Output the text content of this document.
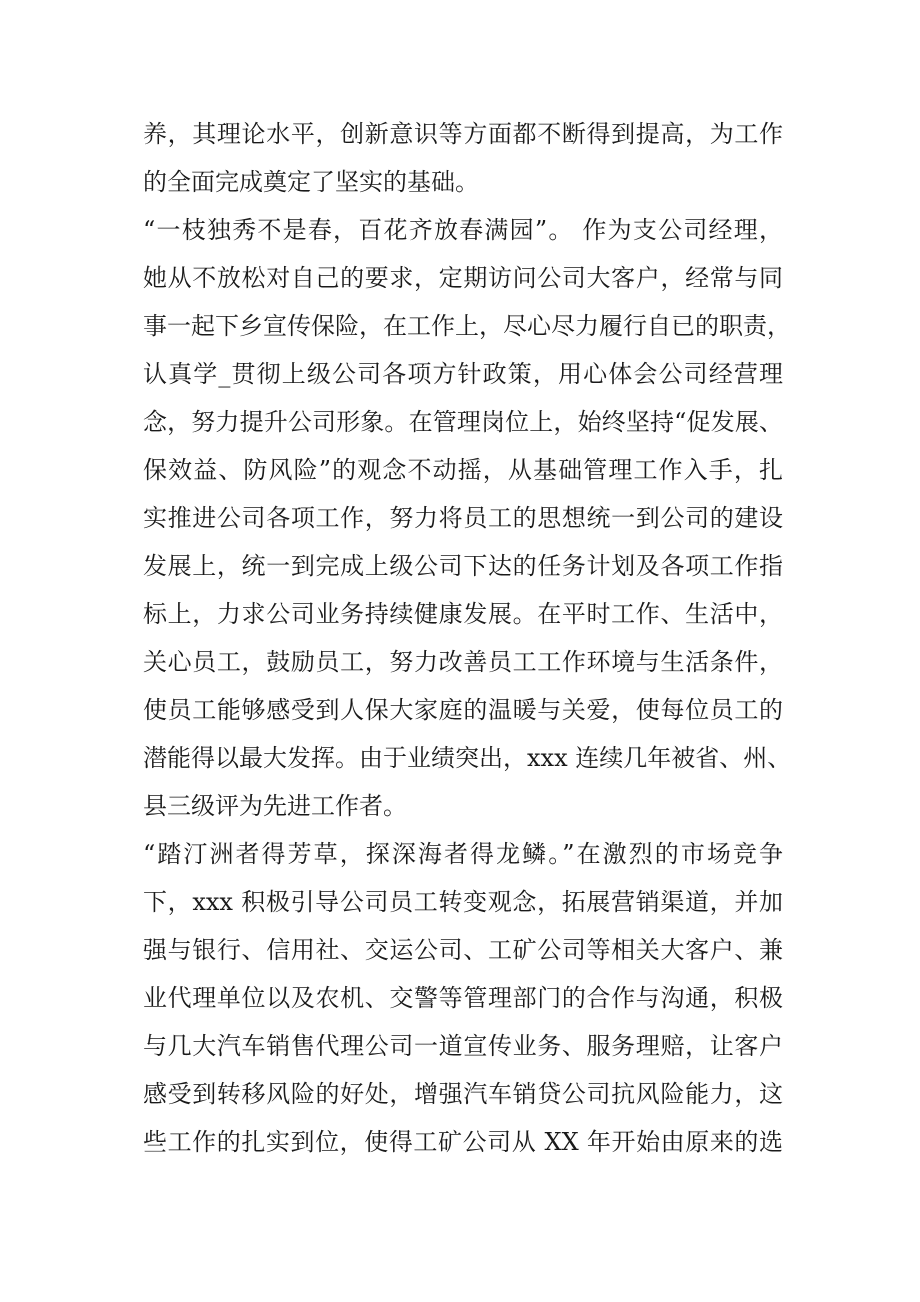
养，其理论水平，创新意识等方面都不断得到提高，为工作
的全面完成奠定了坚实的基础。
“一枝独秀不是春，百花齐放春满园”。 作为支公司经理，
她从不放松对自己的要求，定期访问公司大客户，经常与同
事一起下乡宣传保险，在工作上，尽心尽力履行自已的职责，
认真学_贯彻上级公司各项方针政策，用心体会公司经营理
念，努力提升公司形象。在管理岗位上，始终坚持“促发展、
保效益、防风险”的观念不动摇，从基础管理工作入手，扎
实推进公司各项工作，努力将员工的思想统一到公司的建设
发展上，统一到完成上级公司下达的任务计划及各项工作指
标上，力求公司业务持续健康发展。在平时工作、生活中，
关心员工，鼓励员工，努力改善员工工作环境与生活条件，
使员工能够感受到人保大家庭的温暖与关爱，使每位员工的
潜能得以最大发挥。由于业绩突出，xxx 连续几年被省、州、
县三级评为先进工作者。
“踏汀洲者得芳草，探深海者得龙鳞。”在激烈的市场竞争
下，xxx 积极引导公司员工转变观念，拓展营销渠道，并加
强与银行、信用社、交运公司、工矿公司等相关大客户、兼
业代理单位以及农机、交警等管理部门的合作与沟通，积极
与几大汽车销售代理公司一道宣传业务、服务理赔，让客户
感受到转移风险的好处，增强汽车销贷公司抗风险能力，这
些工作的扎实到位，使得工矿公司从 XX 年开始由原来的选
